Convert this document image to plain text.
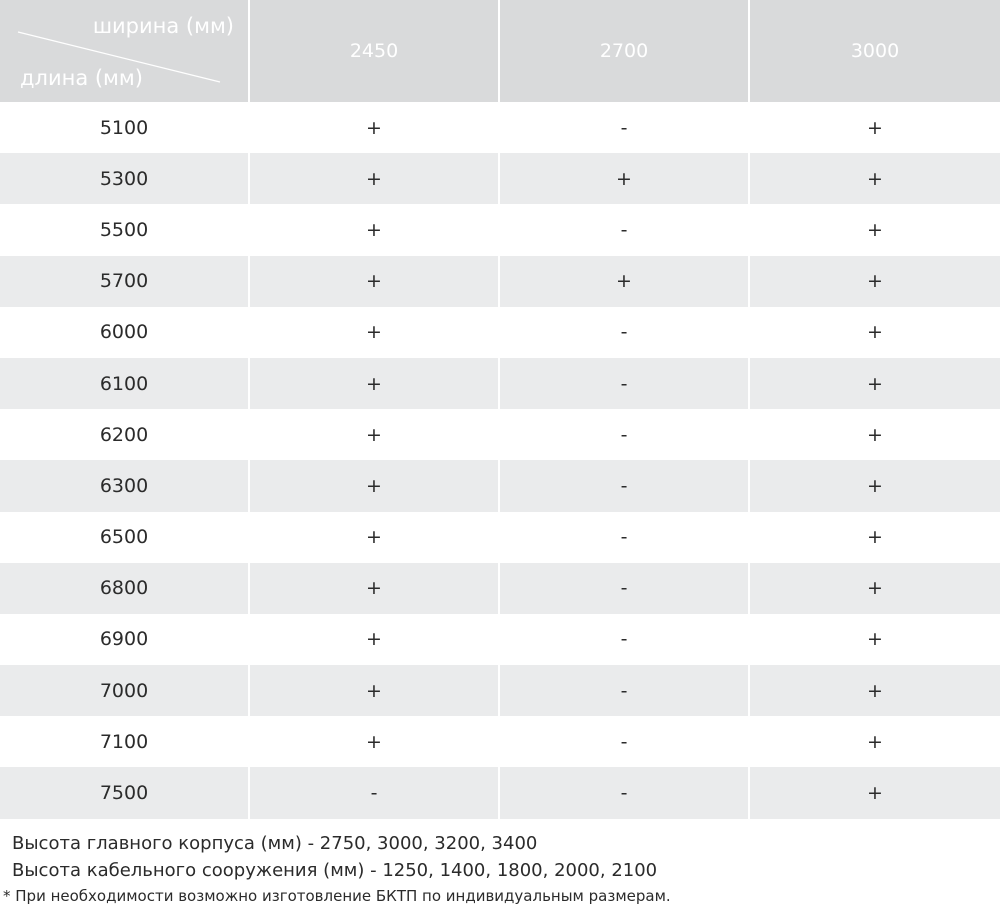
ширина (мм)
длина (мм)
2450	2700	3000
5100	+	-	+
5300	+	+	+
5500	+	-	+
5700	+	+	+
6000	+	-	+
6100	+	-	+
6200	+	-	+
6300	+	-	+
6500	+	-	+
6800	+	-	+
6900	+	-	+
7000	+	-	+
7100	+	-	+
7500	-	-	+
Высота главного корпуса (мм) - 2750, 3000, 3200, 3400
Высота кабельного сооружения (мм) - 1250, 1400, 1800, 2000, 2100
* При необходимости возможно изготовление БКТП по индивидуальным размерам.
